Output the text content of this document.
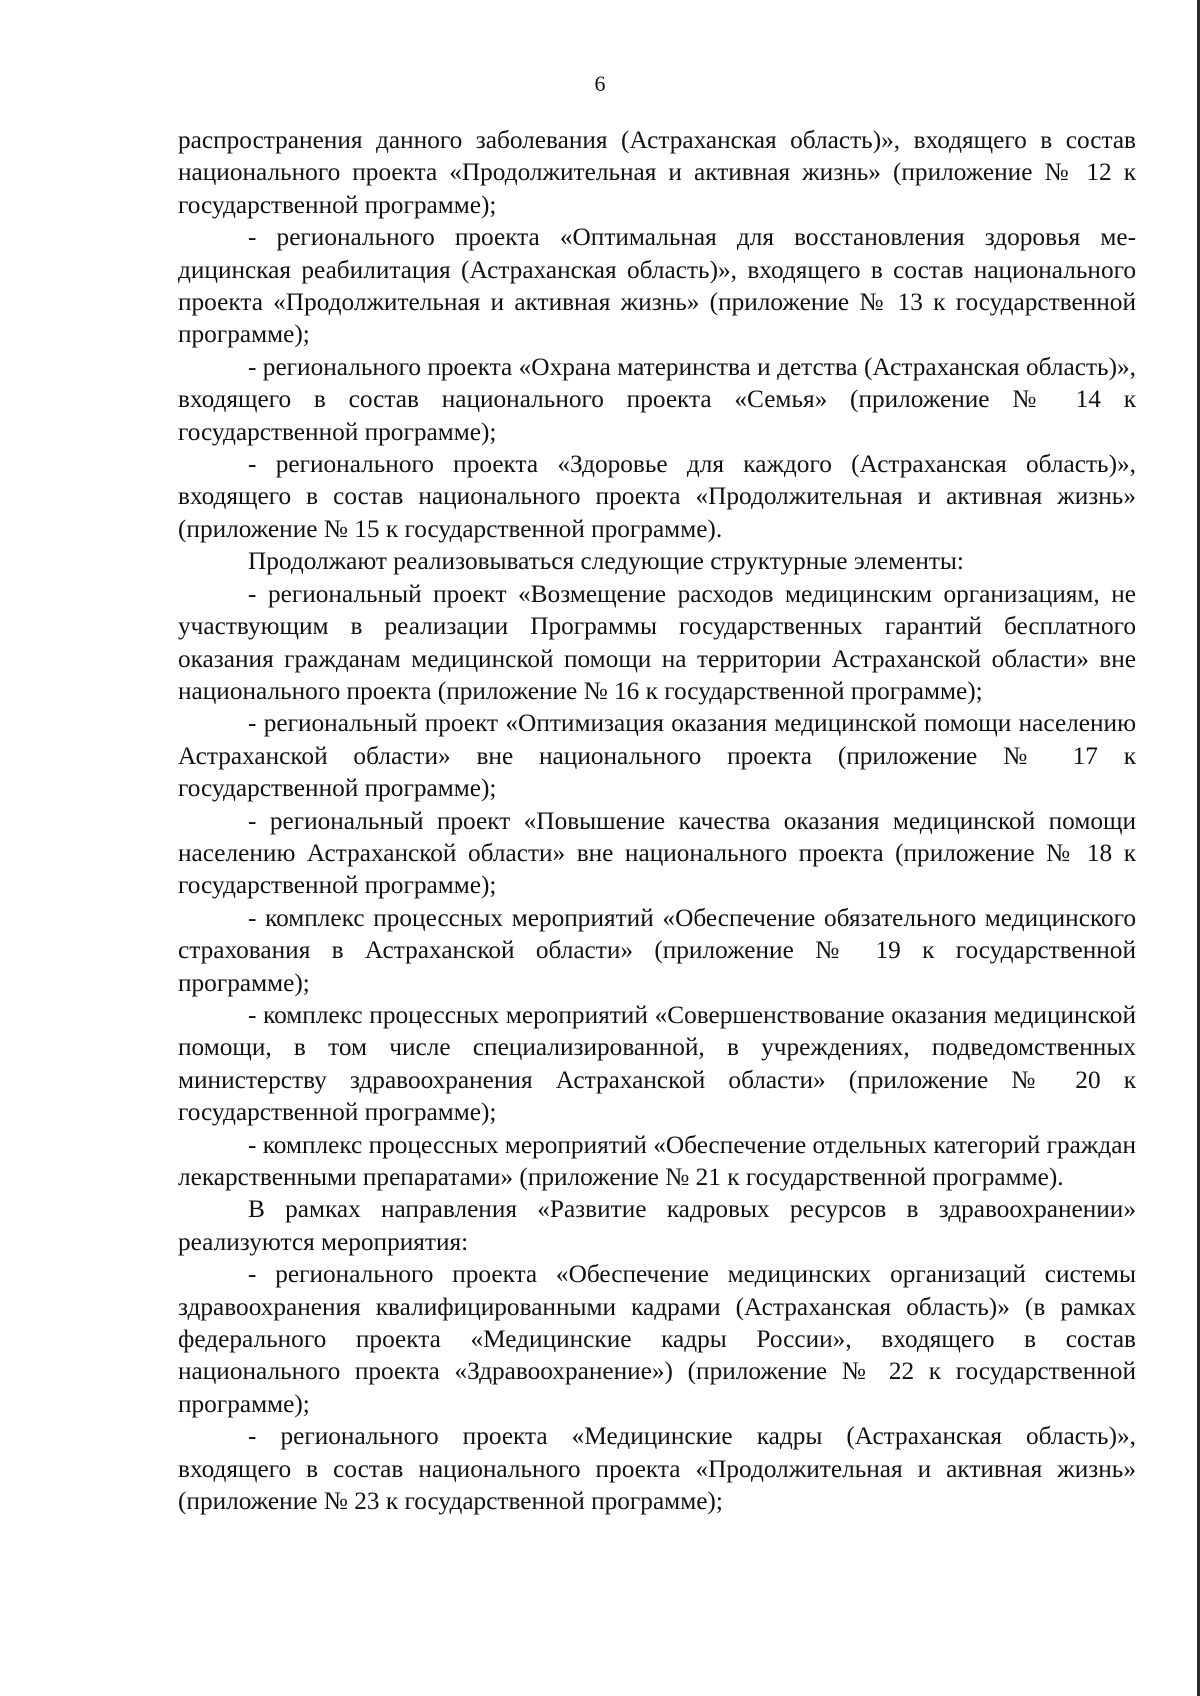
6

распространения данного заболевания (Астраханская область)», входящего в состав национального проекта «Продолжительная и активная жизнь» (приложение № 12 к государственной программе);

- регионального проекта «Оптимальная для восстановления здоровья медицинская реабилитация (Астраханская область)», входящего в состав национального проекта «Продолжительная и активная жизнь» (приложение № 13 к государственной программе);

- регионального проекта «Охрана материнства и детства (Астраханская область)», входящего в состав национального проекта «Семья» (приложение № 14 к государственной программе);

- регионального проекта «Здоровье для каждого (Астраханская область)», входящего в состав национального проекта «Продолжительная и активная жизнь» (приложение № 15 к государственной программе).

Продолжают реализовываться следующие структурные элементы:

- региональный проект «Возмещение расходов медицинским организациям, не участвующим в реализации Программы государственных гарантий бесплатного оказания гражданам медицинской помощи на территории Астраханской области» вне национального проекта (приложение № 16 к государственной программе);

- региональный проект «Оптимизация оказания медицинской помощи населению Астраханской области» вне национального проекта (приложение № 17 к государственной программе);

- региональный проект «Повышение качества оказания медицинской помощи населению Астраханской области» вне национального проекта (приложение № 18 к государственной программе);

- комплекс процессных мероприятий «Обеспечение обязательного медицинского страхования в Астраханской области» (приложение № 19 к государственной программе);

- комплекс процессных мероприятий «Совершенствование оказания медицинской помощи, в том числе специализированной, в учреждениях, подведомственных министерству здравоохранения Астраханской области» (приложение № 20 к государственной программе);

- комплекс процессных мероприятий «Обеспечение отдельных категорий граждан лекарственными препаратами» (приложение № 21 к государственной программе).

В рамках направления «Развитие кадровых ресурсов в здравоохранении» реализуются мероприятия:

- регионального проекта «Обеспечение медицинских организаций системы здравоохранения квалифицированными кадрами (Астраханская область)» (в рамках федерального проекта «Медицинские кадры России», входящего в состав национального проекта «Здравоохранение») (приложение № 22 к государственной программе);

- регионального проекта «Медицинские кадры (Астраханская область)», входящего в состав национального проекта «Продолжительная и активная жизнь» (приложение № 23 к государственной программе);
